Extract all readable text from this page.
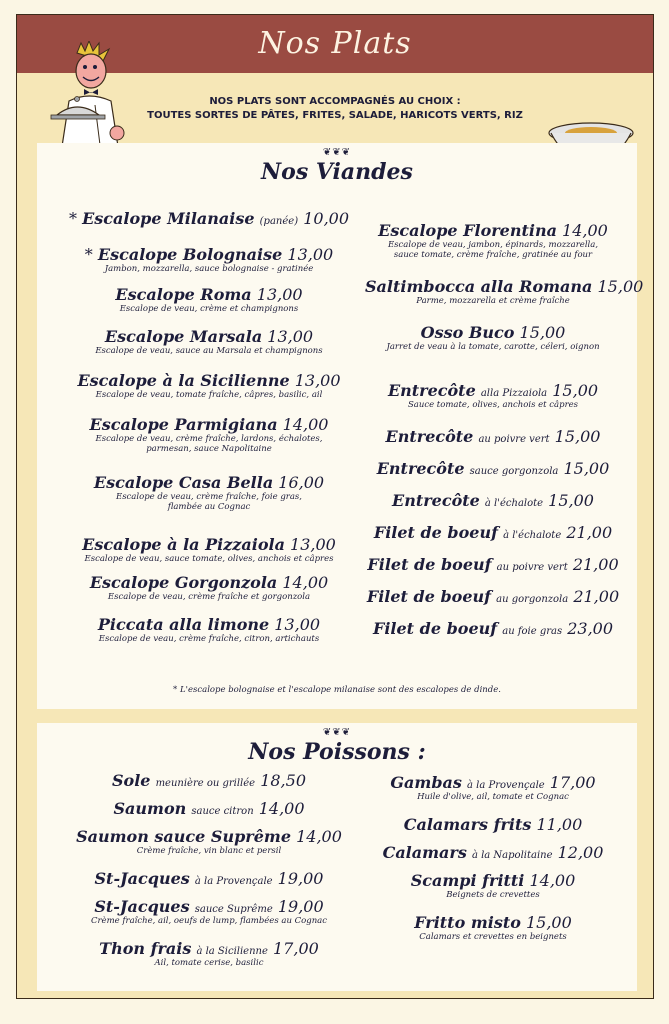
Nos Plats
NOS PLATS SONT ACCOMPAGNÉS AU CHOIX :
TOUTES SORTES DE PÂTES, FRITES, SALADE, HARICOTS VERTS, RIZ
❦❦❦
Nos Viandes
* Escalope Milanaise (panée) 10,00
* Escalope Bolognaise 13,00
Jambon, mozzarella, sauce bolognaise - gratinée
Escalope Roma 13,00
Escalope de veau, crème et champignons
Escalope Marsala 13,00
Escalope de veau, sauce au Marsala et champignons
Escalope à la Sicilienne 13,00
Escalope de veau, tomate fraîche, câpres, basilic, ail
Escalope Parmigiana 14,00
Escalope de veau, crème fraîche, lardons, échalotes,
parmesan, sauce Napolitaine
Escalope Casa Bella 16,00
Escalope de veau, crème fraîche, foie gras,
flambée au Cognac
Escalope à la Pizzaiola 13,00
Escalope de veau, sauce tomate, olives, anchois et câpres
Escalope Gorgonzola 14,00
Escalope de veau, crème fraîche et gorgonzola
Piccata alla limone 13,00
Escalope de veau, crème fraîche, citron, artichauts
Escalope Florentina 14,00
Escalope de veau, jambon, épinards, mozzarella,
sauce tomate, crème fraîche, gratinée au four
Saltimbocca alla Romana 15,00
Parme, mozzarella et crème fraîche
Osso Buco 15,00
Jarret de veau à la tomate, carotte, céleri, oignon
Entrecôte alla Pizzaiola 15,00
Sauce tomate, olives, anchois et câpres
Entrecôte au poivre vert 15,00
Entrecôte sauce gorgonzola 15,00
Entrecôte à l'échalote 15,00
Filet de boeuf à l'échalote 21,00
Filet de boeuf au poivre vert 21,00
Filet de boeuf au gorgonzola 21,00
Filet de boeuf au foie gras 23,00
* L'escalope bolognaise et l'escalope milanaise sont des escalopes de dinde.
❦❦❦
Nos Poissons :
Sole meunière ou grillée 18,50
Saumon sauce citron 14,00
Saumon sauce Suprême 14,00
Crème fraîche, vin blanc et persil
St-Jacques à la Provençale 19,00
St-Jacques sauce Suprême 19,00
Crème fraîche, ail, oeufs de lump, flambées au Cognac
Thon frais à la Sicilienne 17,00
Ail, tomate cerise, basilic
Gambas à la Provençale 17,00
Huile d'olive, ail, tomate et Cognac
Calamars frits 11,00
Calamars à la Napolitaine 12,00
Scampi fritti 14,00
Beignets de crevettes
Fritto misto 15,00
Calamars et crevettes en beignets
